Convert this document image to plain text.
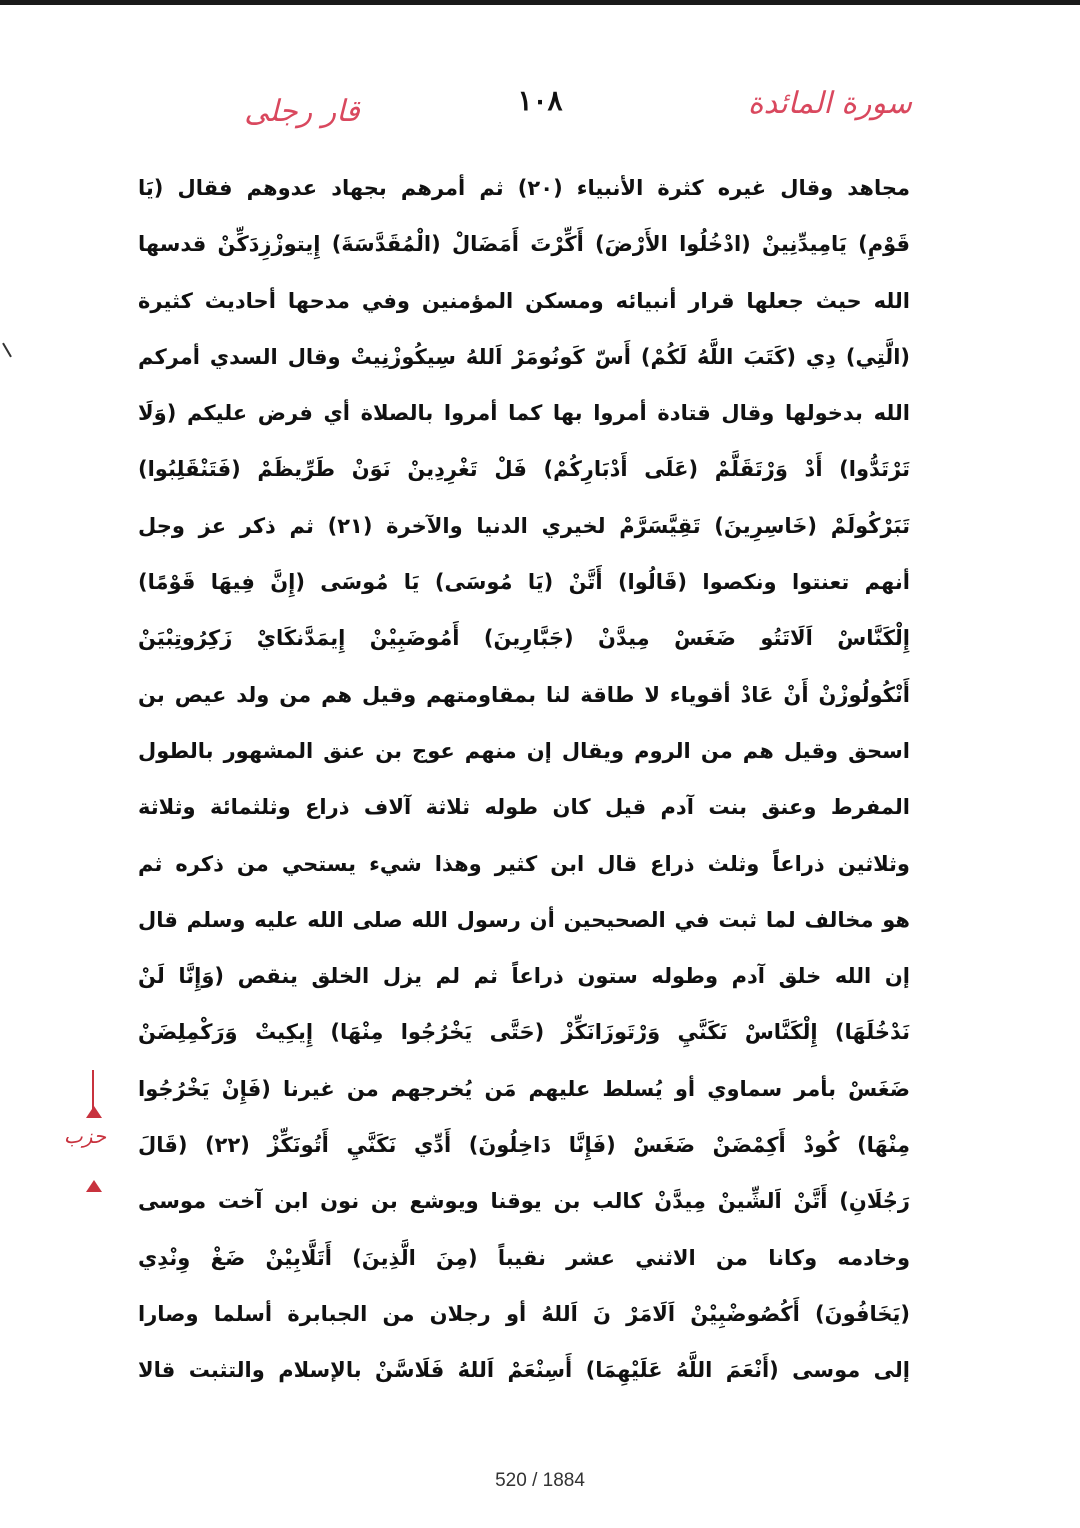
سورة المائدة
١٠٨
قار رجلى
مجاهد وقال غيره كثرة الأنبياء (٢٠) ثم أمرهم بجهاد عدوهم فقال (يَا
قَوْمِ) يَامِيدِّنِينْ (ادْخُلُوا الأَرْضَ) أَكِّرْتَ أَمَضَالْ (الْمُقَدَّسَةَ) إِيتوزْزِدَكِّنْ قدسها
الله حيث جعلها قرار أنبيائه ومسكن المؤمنين وفي مدحها أحاديث كثيرة
(الَّتِي) دِي (كَتَبَ اللَّهُ لَكُمْ) أَسّ كَونُومَرْ اَللهُ سِيكُوزْنِيتْ وقال السدي أمركم
الله بدخولها وقال قتادة أمروا بها كما أمروا بالصلاة أي فرض عليكم (وَلَا
تَرْتَدُّوا) أَدْ وَرْتَقَلَّمْ (عَلَى أَدْبَارِكُمْ) فَلْ تَغْرِدِينْ نَوَنْ طَرِّيظَمْ (فَتَنْقَلِبُوا)
تَبَرْكُولَمْ (خَاسِرِينَ) تَقِيَّسَرَّمْ لخيري الدنيا والآخرة (٢١) ثم ذكر عز وجل
أنهم تعنتوا ونكصوا (قَالُوا) أَتَّنْ (يَا مُوسَى) يَا مُوسَى (إِنَّ فِيهَا قَوْمًا)
إِلْكَنَّاسْ اَلَاتَتُو ضَغَسْ مِيدَّنْ (جَبَّارِينَ) أَمُوضَبِيْنْ إِيمَدَّنكَايْ زَكِرُوتِبْيَنْ
أَنْكُولُوزْنْ أَنْ عَادْ أقوياء لا طاقة لنا بمقاومتهم وقيل هم من ولد عيص بن
اسحق وقيل هم من الروم ويقال إن منهم عوج بن عنق المشهور بالطول
المفرط وعنق بنت آدم قيل كان طوله ثلاثة آلاف ذراع وثلثمائة وثلاثة
وثلاثين ذراعاً وثلث ذراع قال ابن كثير وهذا شيء يستحي من ذكره ثم
هو مخالف لما ثبت في الصحيحين أن رسول الله صلى الله عليه وسلم قال
إن الله خلق آدم وطوله ستون ذراعاً ثم لم يزل الخلق ينقص (وَإِنَّا لَنْ
نَدْخُلَهَا) إِلْكَنَّاسْ نَكَنَّيِ وَرْتَوزَانَكِّزْ (حَتَّى يَخْرُجُوا مِنْهَا) إِيكِيتْ وَرَكْمِلِضَنْ
ضَغَسْ بأمر سماوي أو يُسلط عليهم مَن يُخرجهم من غيرنا (فَإِنْ يَخْرُجُوا
مِنْهَا) كُودْ أَكِمْضَنْ ضَغَسْ (فَإِنَّا دَاخِلُونَ) أَدِّي نَكَنَّيِ أَتُونَكِّزْ (٢٢) (قَالَ
رَجُلَانِ) أَتَّنْ اَلشِّينْ مِيدَّنْ كالب بن يوقنا ويوشع بن نون ابن آخت موسى
وخادمه وكانا من الاثني عشر نقيباً (مِنَ الَّذِينَ) أَتَلَّابِيْنْ ضَغْ وِنْدِي
(يَخَافُونَ) أَكُصُوضْبِيْنْ اَلَامَرْ نَ اَللهُ أو رجلان من الجبابرة أسلما وصارا
إلى موسى (أَنْعَمَ اللَّهُ عَلَيْهِمَا) أَسِنْعَمْ اَللهُ فَلَاسَّنْ بالإسلام والتثبت قالا
حزب
520 / 1884
